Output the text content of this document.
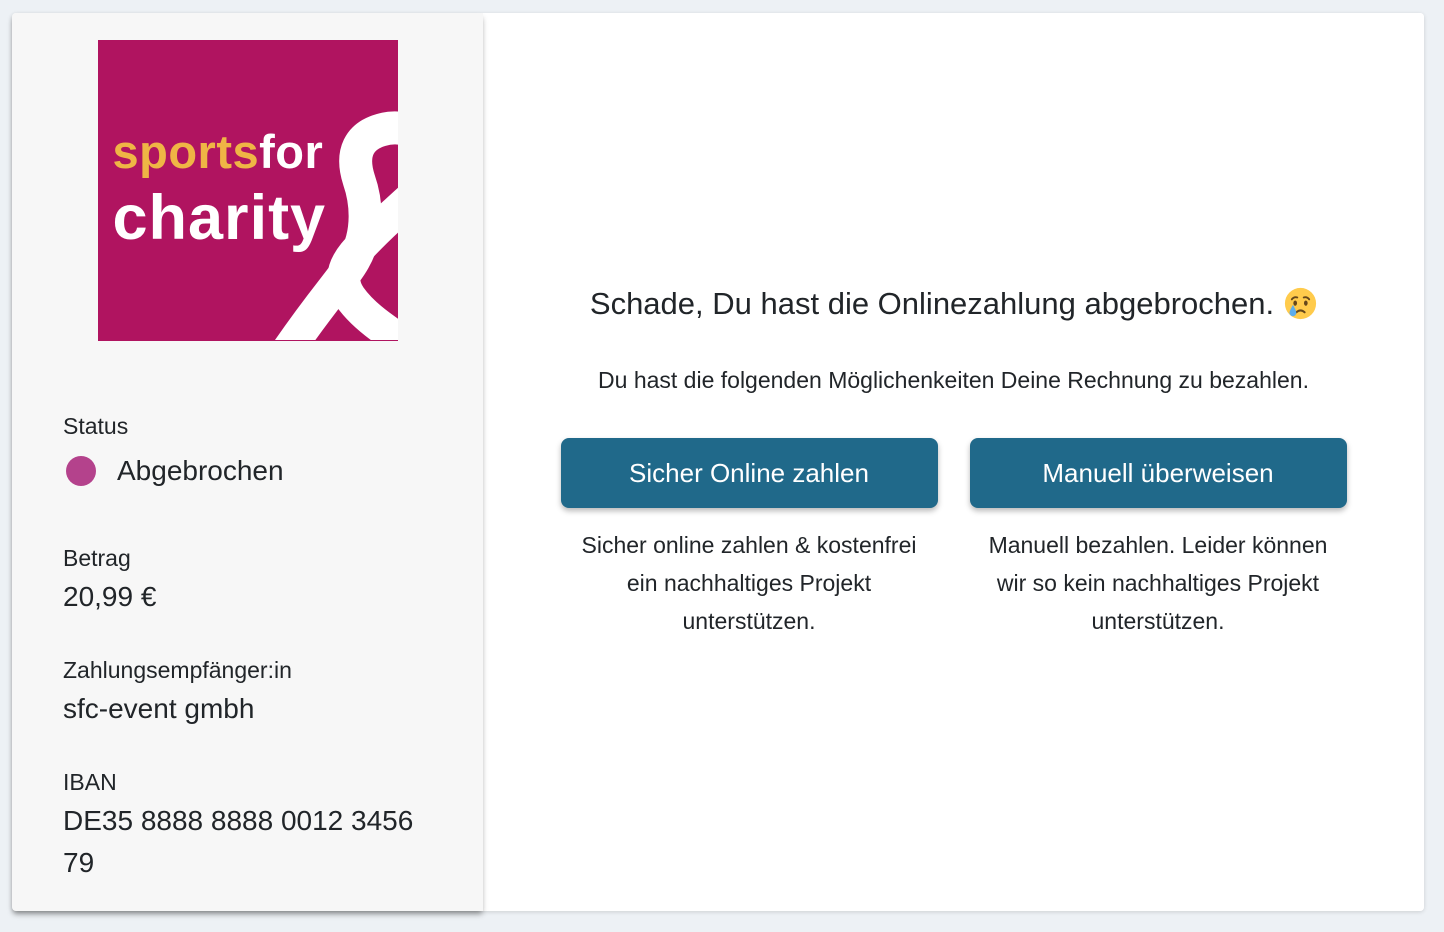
sportsfor
charity
Status
Abgebrochen
Betrag
20,99 €
Zahlungsempfänger:in
sfc-event gmbh
IBAN
DE35 8888 8888 0012 3456 79
Schade, Du hast die Onlinezahlung abgebrochen.

Du hast die folgenden Möglichenkeiten Deine Rechnung zu bezahlen.

Sicher Online zahlen

Sicher online zahlen & kostenfrei ein nachhaltiges Projekt unterstützen.

Manuell überweisen

Manuell bezahlen. Leider können wir so kein nachhaltiges Projekt unterstützen.
